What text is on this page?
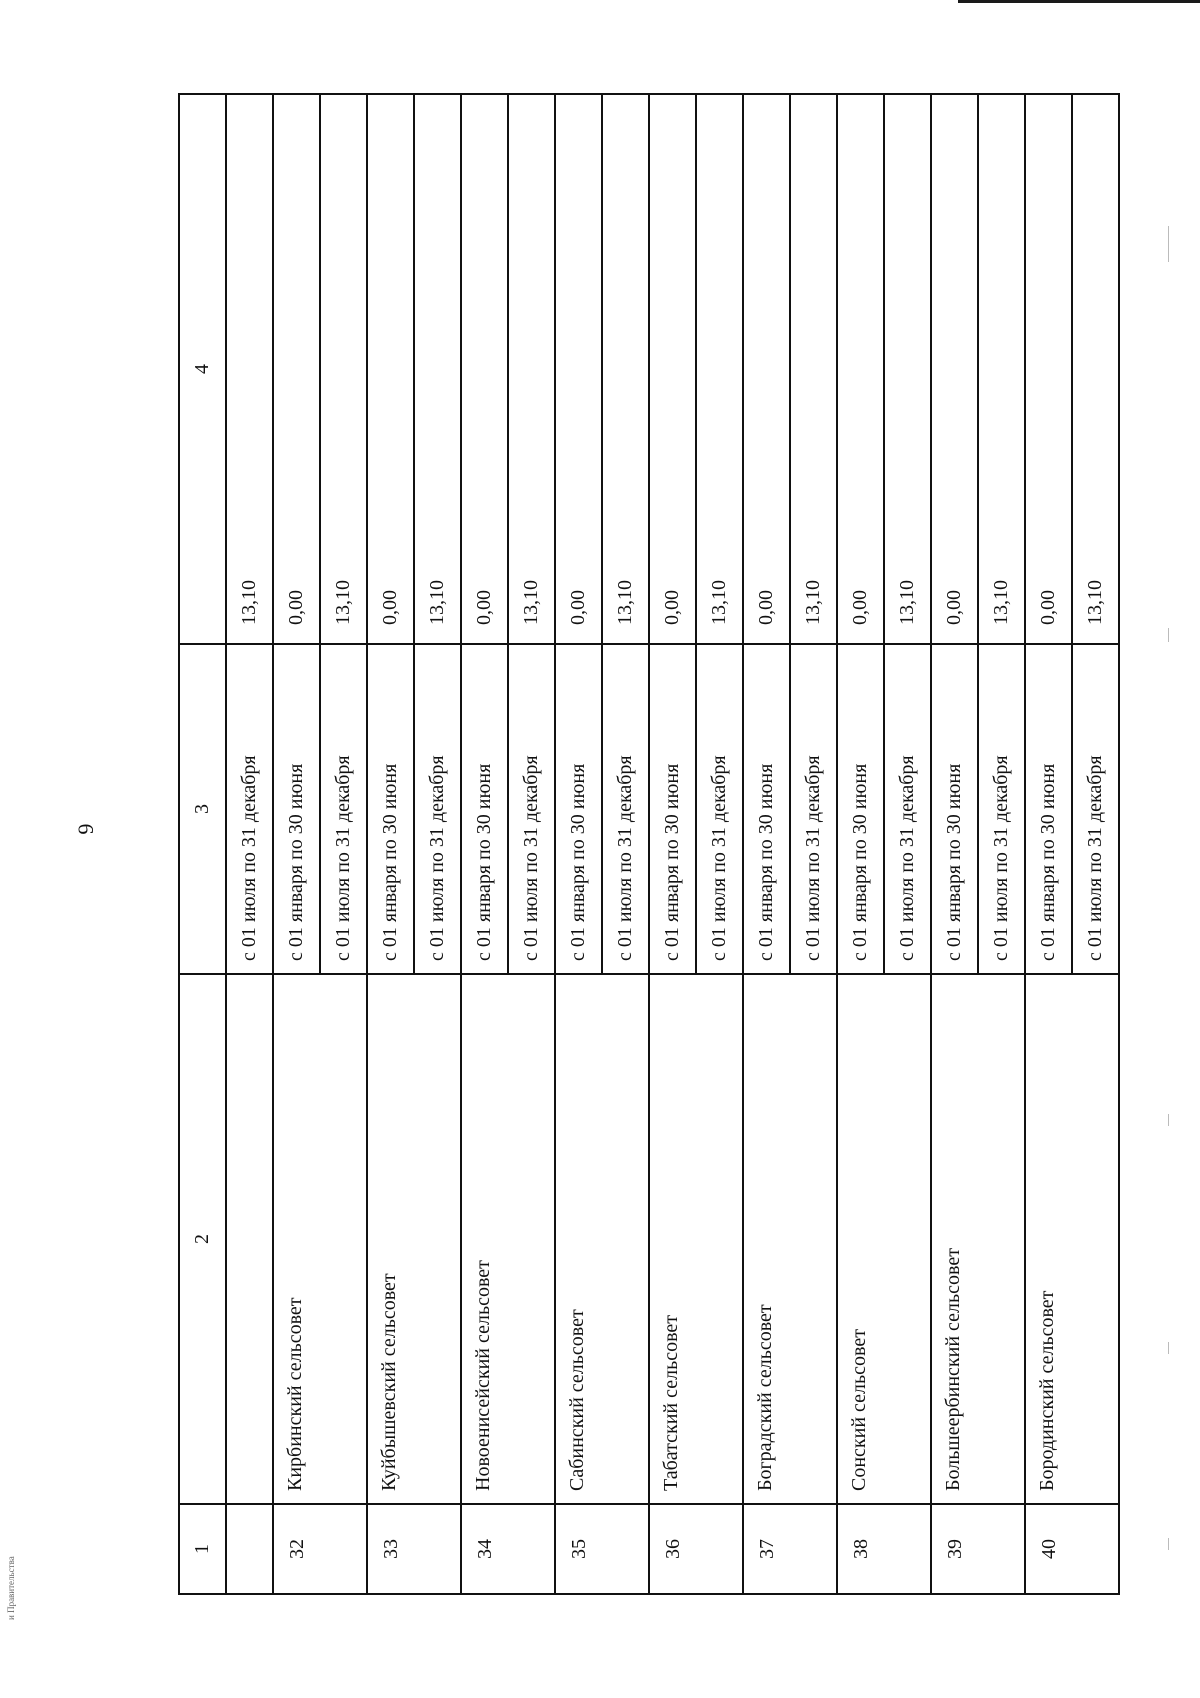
6
и Правительства
1	2	3	4
		с 01 июля по 31 декабря	13,10
32	Кирбинский сельсовет	с 01 января по 30 июня	0,00
		с 01 июля по 31 декабря	13,10
33	Куйбышевский сельсовет	с 01 января по 30 июня	0,00
		с 01 июля по 31 декабря	13,10
34	Новоенисейский сельсовет	с 01 января по 30 июня	0,00
		с 01 июля по 31 декабря	13,10
35	Сабинский сельсовет	с 01 января по 30 июня	0,00
		с 01 июля по 31 декабря	13,10
36	Табатский сельсовет	с 01 января по 30 июня	0,00
		с 01 июля по 31 декабря	13,10
37	Боградский сельсовет	с 01 января по 30 июня	0,00
		с 01 июля по 31 декабря	13,10
38	Сонский сельсовет	с 01 января по 30 июня	0,00
		с 01 июля по 31 декабря	13,10
39	Большеербинский сельсовет	с 01 января по 30 июня	0,00
		с 01 июля по 31 декабря	13,10
40	Бородинский сельсовет	с 01 января по 30 июня	0,00
		с 01 июля по 31 декабря	13,10
